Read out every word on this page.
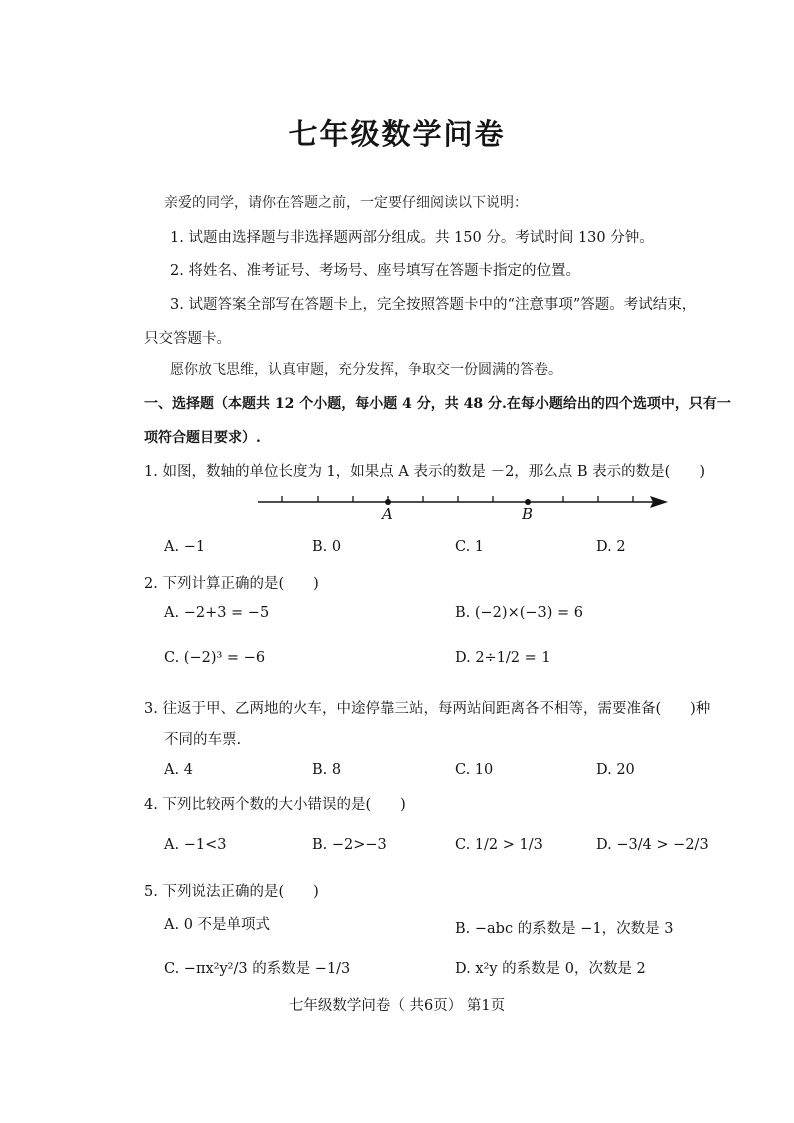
七年级数学问卷
亲爱的同学，请你在答题之前，一定要仔细阅读以下说明：
1. 试题由选择题与非选择题两部分组成。共 150 分。考试时间 130 分钟。
2. 将姓名、准考证号、考场号、座号填写在答题卡指定的位置。
3. 试题答案全部写在答题卡上，完全按照答题卡中的“注意事项”答题。考试结束，
只交答题卡。
愿你放飞思维，认真审题，充分发挥，争取交一份圆满的答卷。
一、选择题（本题共 12 个小题，每小题 4 分，共 48 分.在每小题给出的四个选项中，只有一
项符合题目要求）.
1. 如图，数轴的单位长度为 1，如果点 A 表示的数是 －2，那么点 B 表示的数是(　　)
A	B
A. −1	B. 0	C. 1	D. 2
2. 下列计算正确的是(　　)
A. −2+3 = −5	B. (−2)×(−3) = 6
C. (−2)³ = −6	D. 2÷1/2 = 1
3. 往返于甲、乙两地的火车，中途停靠三站，每两站间距离各不相等，需要准备(　　)种
不同的车票.
A. 4	B. 8	C. 10	D. 20
4. 下列比较两个数的大小错误的是(　　)
A. −1<3	B. −2>−3	C. 1/2 > 1/3	D. −3/4 > −2/3
5. 下列说法正确的是(　　)
A. 0 不是单项式	B. −abc 的系数是 −1，次数是 3
C. −πx²y²/3 的系数是 −1/3	D. x²y 的系数是 0，次数是 2
七年级数学问卷（ 共6页） 第1页
